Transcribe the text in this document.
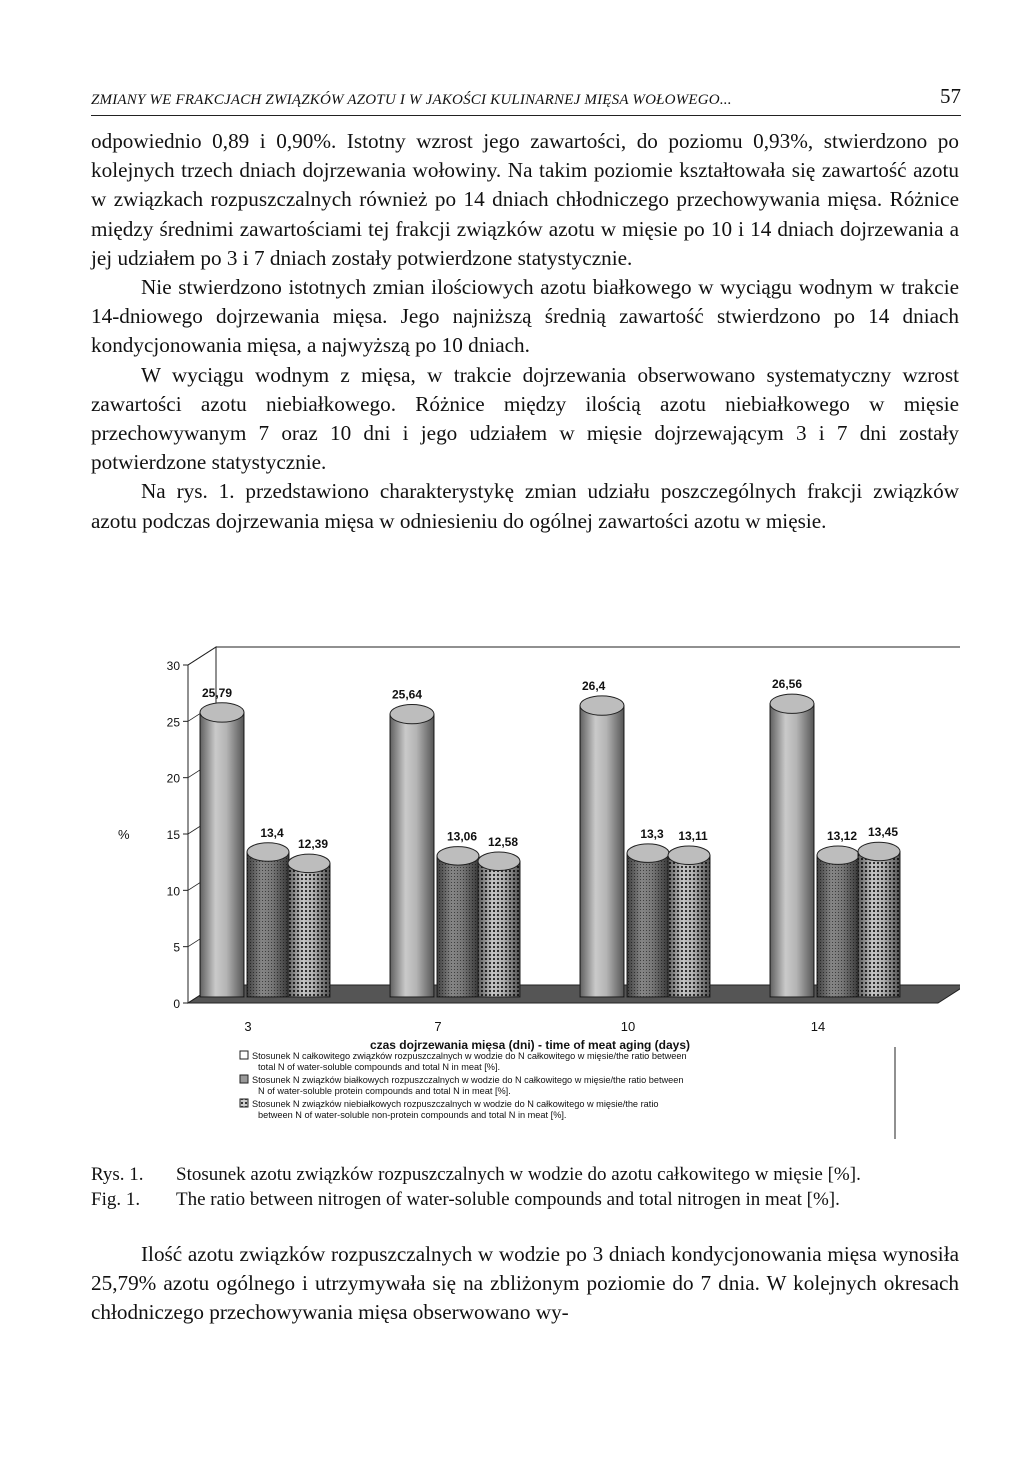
ZMIANY WE FRAKCJACH ZWIĄZKÓW AZOTU I W JAKOŚCI KULINARNEJ MIĘSA WOŁOWEGO...	57

odpowiednio 0,89 i 0,90%. Istotny wzrost jego zawartości, do poziomu 0,93%, stwierdzono po kolejnych trzech dniach dojrzewania wołowiny. Na takim poziomie kształtowała się zawartość azotu w związkach rozpuszczalnych również po 14 dniach chłodniczego przechowywania mięsa. Różnice między średnimi zawartościami tej frakcji związków azotu w mięsie po 10 i 14 dniach dojrzewania a jej udziałem po 3 i 7 dniach zostały potwierdzone statystycznie.

Nie stwierdzono istotnych zmian ilościowych azotu białkowego w wyciągu wodnym w trakcie 14-dniowego dojrzewania mięsa. Jego najniższą średnią zawartość stwierdzono po 14 dniach kondycjonowania mięsa, a najwyższą po 10 dniach.

W wyciągu wodnym z mięsa, w trakcie dojrzewania obserwowano systematyczny wzrost zawartości azotu niebiałkowego. Różnice między ilością azotu niebiałkowego w mięsie przechowywanym 7 oraz 10 dni i jego udziałem w mięsie dojrzewającym 3 i 7 dni zostały potwierdzone statystycznie.

Na rys. 1. przedstawiono charakterystykę zmian udziału poszczególnych frakcji związków azotu podczas dojrzewania mięsa w odniesieniu do ogólnej zawartości azotu w mięsie.

0
5
10
15
20
25
30
%
3	7	10	14
czas dojrzewania mięsa (dni) - time of meat aging (days)
25,79
13,4
12,39
25,64
13,06 12,58
26,4
13,3 13,11
26,56
13,12 13,45
Stosunek N całkowitego związków rozpuszczalnych w wodzie do N całkowitego w mięsie/the ratio between total N of water-soluble compounds and total N in meat [%].
Stosunek N związków białkowych rozpuszczalnych w wodzie do N całkowitego w mięsie/the ratio between N of water-soluble protein compounds and total N in meat [%].
Stosunek N związków niebiałkowych rozpuszczalnych w wodzie do N całkowitego w mięsie/the ratio between N of water-soluble non-protein compounds and total N in meat [%].
Rys. 1.	Stosunek azotu związków rozpuszczalnych w wodzie do azotu całkowitego w mięsie [%].
Fig. 1.	The ratio between nitrogen of water-soluble compounds and total nitrogen in meat [%].

Ilość azotu związków rozpuszczalnych w wodzie po 3 dniach kondycjonowania mięsa wynosiła 25,79% azotu ogólnego i utrzymywała się na zbliżonym poziomie do 7 dnia. W kolejnych okresach chłodniczego przechowywania mięsa obserwowano wy-
